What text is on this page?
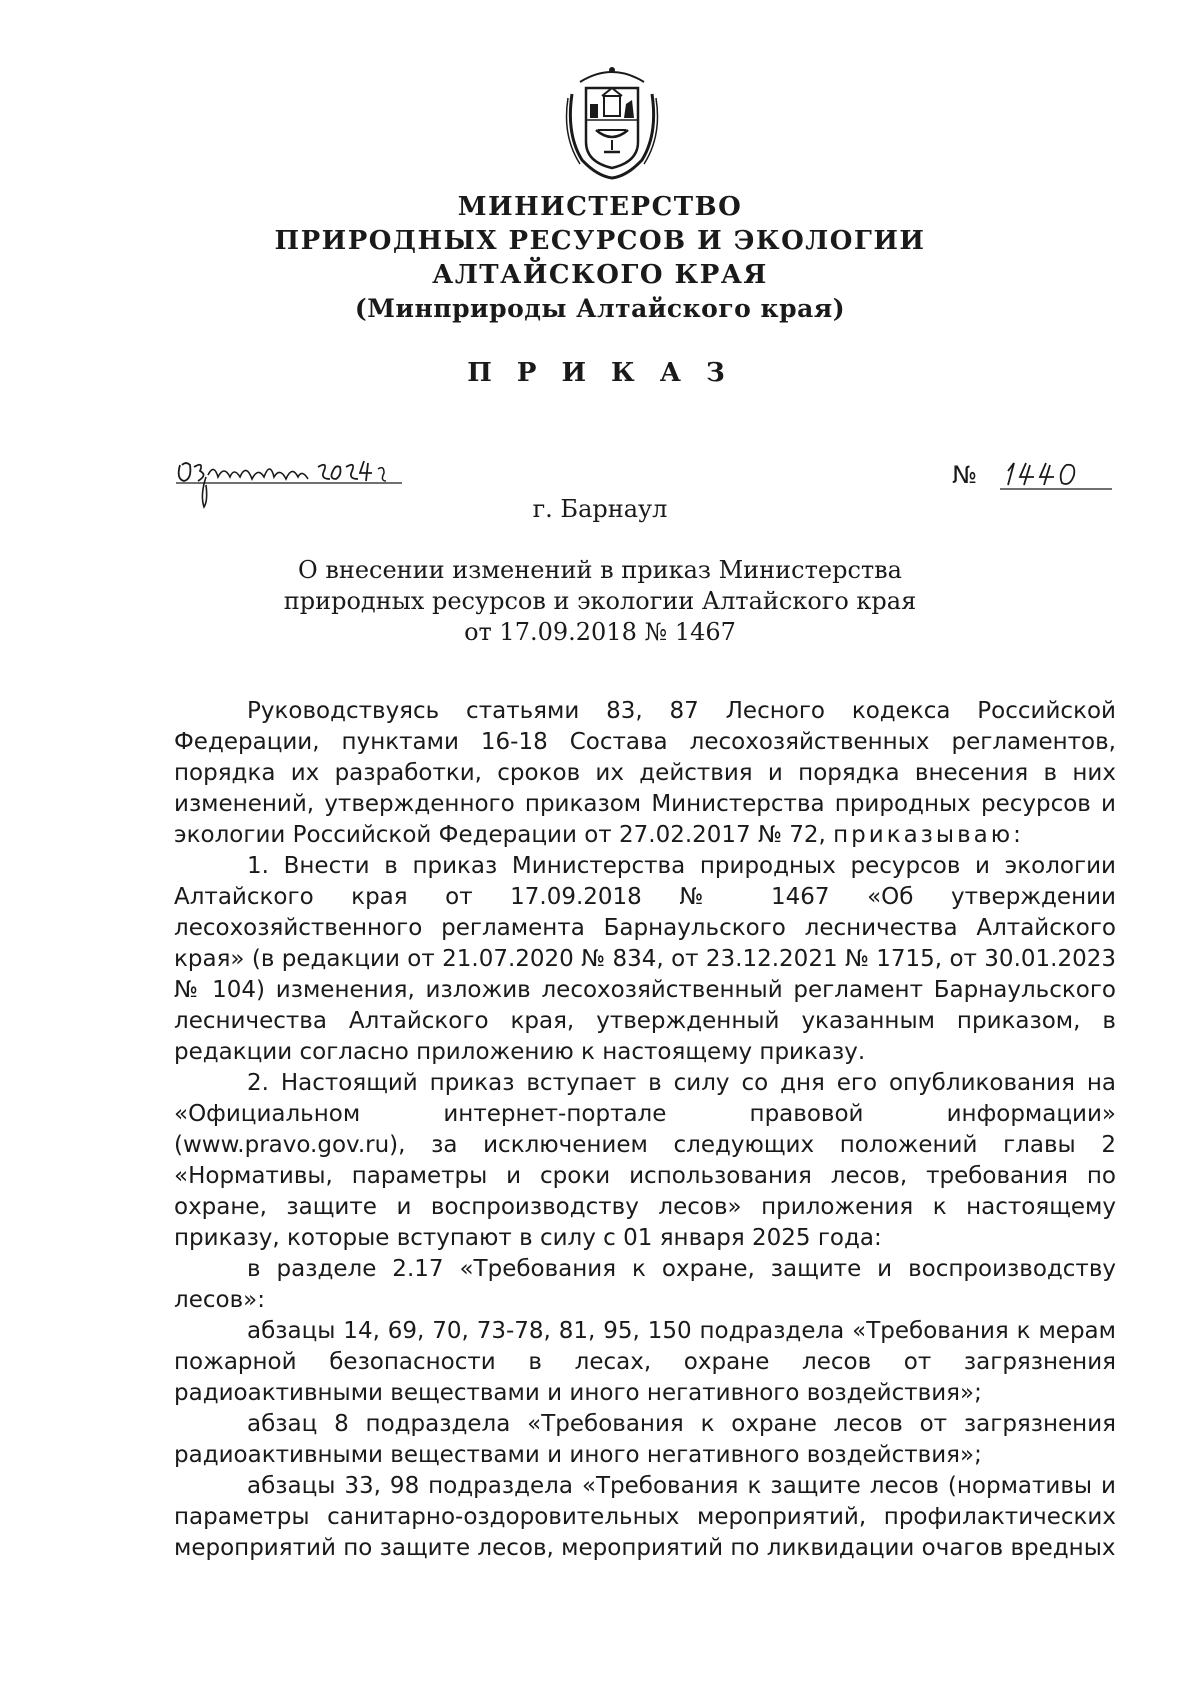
МИНИСТЕРСТВО
ПРИРОДНЫХ РЕСУРСОВ И ЭКОЛОГИИ
АЛТАЙСКОГО КРАЯ
(Минприроды Алтайского края)
П Р И К А З
№
г. Барнаул
О внесении изменений в приказ Министерства
природных ресурсов и экологии Алтайского края
от 17.09.2018 № 1467

Руководствуясь статьями 83, 87 Лесного кодекса Российской Федерации, пунктами 16-18 Состава лесохозяйственных регламентов, порядка их разработки, сроков их действия и порядка внесения в них изменений, утвержденного приказом Министерства природных ресурсов и экологии Российской Федерации от 27.02.2017 № 72, приказываю:

1. Внести в приказ Министерства природных ресурсов и экологии Алтайского края от 17.09.2018 № 1467 «Об утверждении лесохозяйственного регламента Барнаульского лесничества Алтайского края» (в редакции от 21.07.2020 № 834, от 23.12.2021 № 1715, от 30.01.2023 № 104) изменения, изложив лесохозяйственный регламент Барнаульского лесничества Алтайского края, утвержденный указанным приказом, в редакции согласно приложению к настоящему приказу.

2. Настоящий приказ вступает в силу со дня его опубликования на «Официальном интернет-портале правовой информации» (www.pravo.gov.ru), за исключением следующих положений главы 2 «Нормативы, параметры и сроки использования лесов, требования по охране, защите и воспроизводству лесов» приложения к настоящему приказу, которые вступают в силу с 01 января 2025 года:

в разделе 2.17 «Требования к охране, защите и воспроизводству лесов»:

абзацы 14, 69, 70, 73-78, 81, 95, 150 подраздела «Требования к мерам пожарной безопасности в лесах, охране лесов от загрязнения радиоактивными веществами и иного негативного воздействия»;

абзац 8 подраздела «Требования к охране лесов от загрязнения радиоактивными веществами и иного негативного воздействия»;

абзацы 33, 98 подраздела «Требования к защите лесов (нормативы и параметры санитарно-оздоровительных мероприятий, профилактических мероприятий по защите лесов, мероприятий по ликвидации очагов вредных
